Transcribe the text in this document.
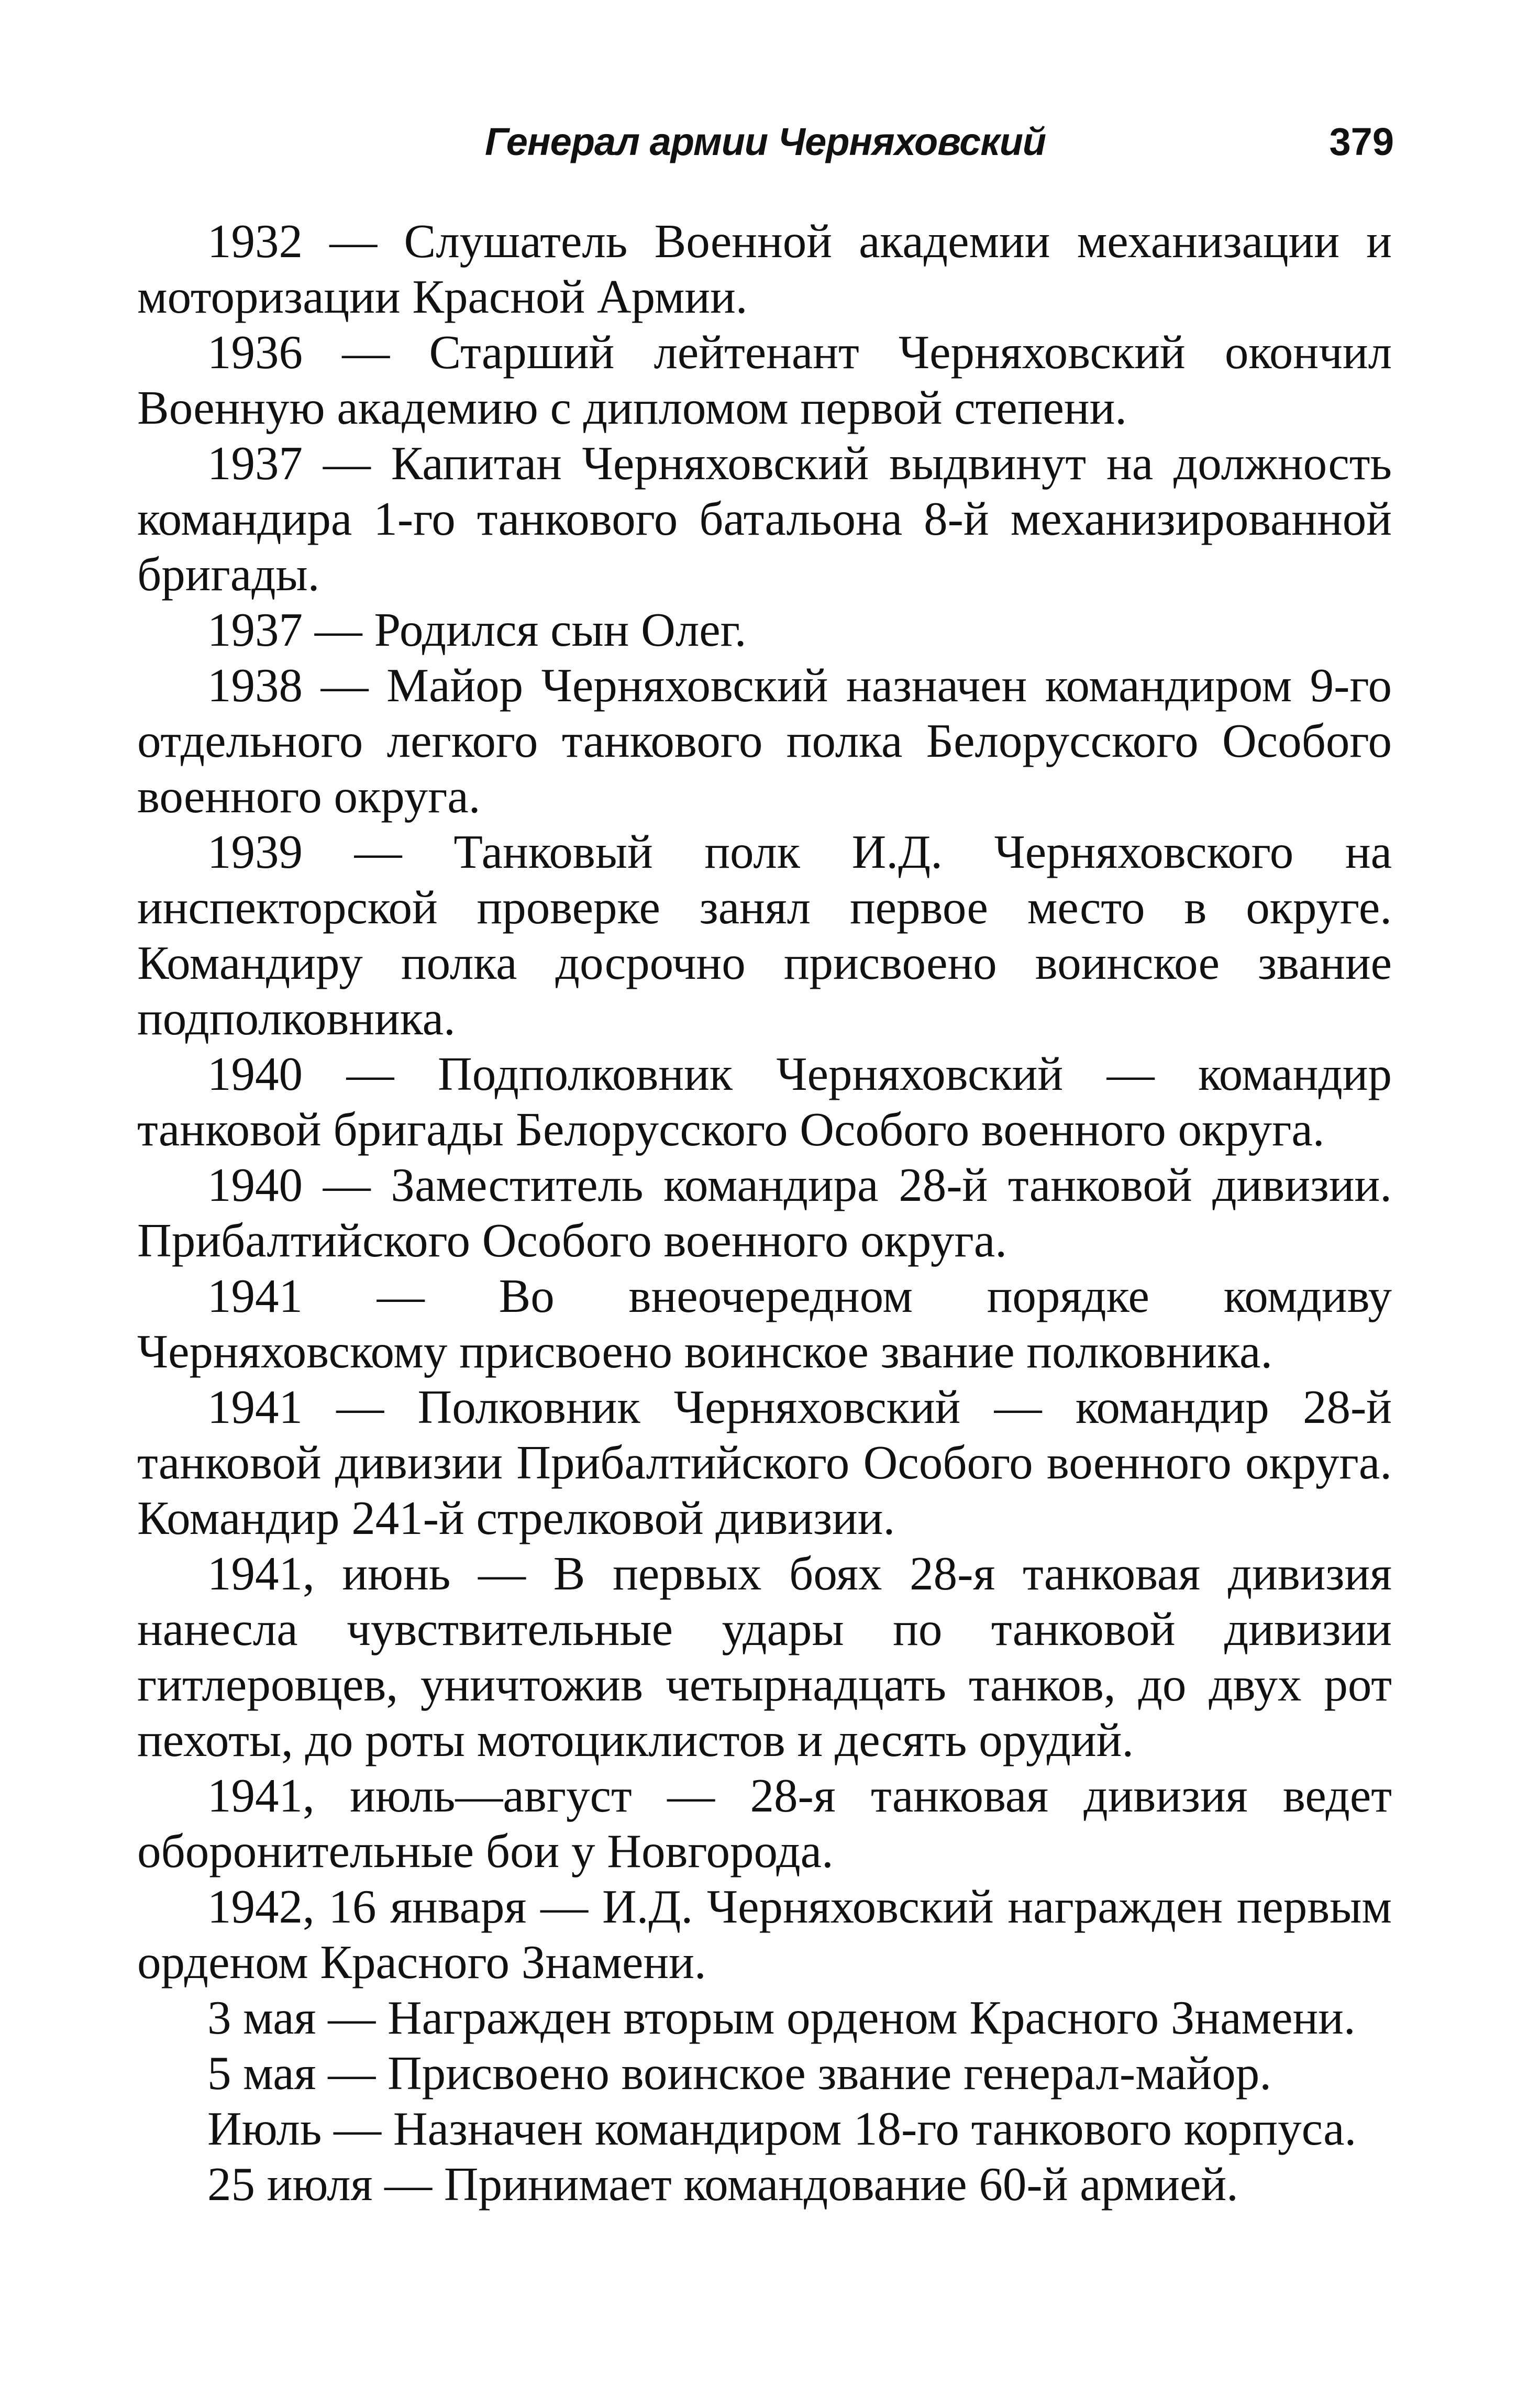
Генерал армии Черняховский	379

1932 — Слушатель Военной академии механизации и моторизации Красной Армии.

1936 — Старший лейтенант Черняховский окончил Военную академию с дипломом первой степени.

1937 — Капитан Черняховский выдвинут на должность командира 1-го танкового батальона 8-й механизированной бригады.

1937 — Родился сын Олег.

1938 — Майор Черняховский назначен командиром 9-го отдельного легкого танкового полка Белорусского Особого военного округа.

1939 — Танковый полк И.Д. Черняховского на инспекторской проверке занял первое место в округе. Командиру полка досрочно присвоено воинское звание подполковника.

1940 — Подполковник Черняховский — командир танковой бригады Белорусского Особого военного округа.

1940 — Заместитель командира 28-й танковой дивизии. Прибалтийского Особого военного округа.

1941 — Во внеочередном порядке комдиву Черняховскому присвоено воинское звание полковника.

1941 — Полковник Черняховский — командир 28-й танковой дивизии Прибалтийского Особого военного округа. Командир 241-й стрелковой дивизии.

1941, июнь — В первых боях 28-я танковая дивизия нанесла чувствительные удары по танковой дивизии гитлеровцев, уничтожив четырнадцать танков, до двух рот пехоты, до роты мотоциклистов и десять орудий.

1941, июль—август — 28-я танковая дивизия ведет оборонительные бои у Новгорода.

1942, 16 января — И.Д. Черняховский награжден первым орденом Красного Знамени.

3 мая — Награжден вторым орденом Красного Знамени.

5 мая — Присвоено воинское звание генерал-майор.

Июль — Назначен командиром 18-го танкового корпуса.

25 июля — Принимает командование 60-й армией.
